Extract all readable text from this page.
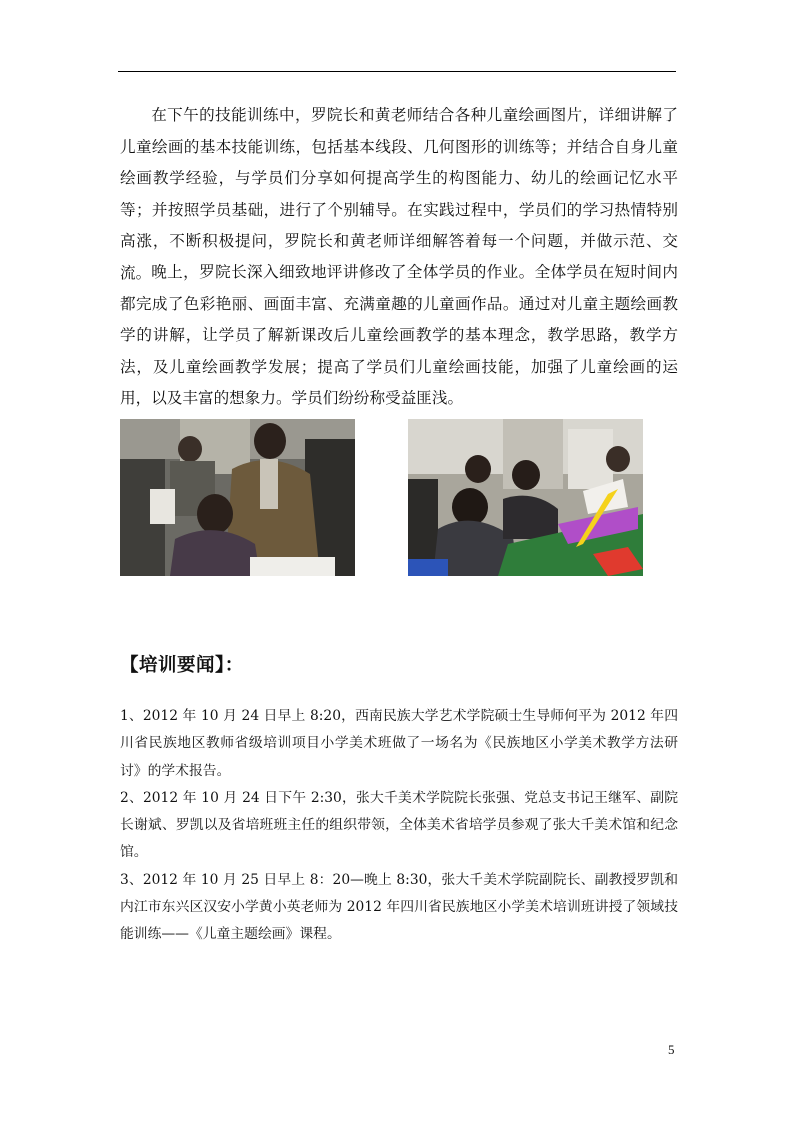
在下午的技能训练中，罗院长和黄老师结合各种儿童绘画图片，详细讲解了儿童绘画的基本技能训练，包括基本线段、几何图形的训练等；并结合自身儿童绘画教学经验，与学员们分享如何提高学生的构图能力、幼儿的绘画记忆水平等；并按照学员基础，进行了个别辅导。在实践过程中，学员们的学习热情特别高涨，不断积极提问，罗院长和黄老师详细解答着每一个问题，并做示范、交流。 晚上，罗院长深入细致地评讲修改了全体学员的作业。全体学员在短时间内都完成了色彩艳丽、画面丰富、充满童趣的儿童画作品。通过对儿童主题绘画教学的讲解，让学员了解新课改后儿童绘画教学的基本理念，教学思路，教学方法，及儿童绘画教学发展；提高了学员们儿童绘画技能，加强了儿童绘画的运用，以及丰富的想象力。学员们纷纷称受益匪浅。

【培训要闻】：
1、2012 年 10 月 24 日早上 8:20，西南民族大学艺术学院硕士生导师何平为 2012 年四川省民族地区教师省级培训项目小学美术班做了一场名为《民族地区小学美术教学方法研讨》的学术报告。
2、2012 年 10 月 24 日下午 2:30，张大千美术学院院长张强、党总支书记王继军、副院长谢斌、罗凯以及省培班班主任的组织带领，全体美术省培学员参观了张大千美术馆和纪念馆。
3、2012 年 10 月 25 日早上 8：20—晚上 8:30，张大千美术学院副院长、副教授罗凯和内江市东兴区汉安小学黄小英老师为 2012 年四川省民族地区小学美术培训班讲授了领域技能训练——《儿童主题绘画》课程。
5
